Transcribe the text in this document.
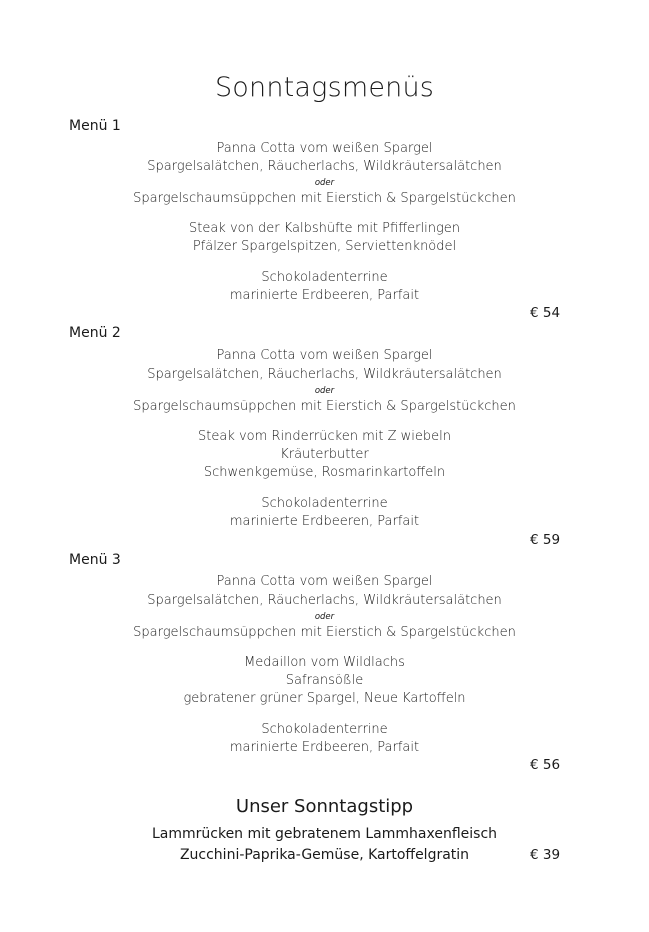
Sonntagsmenüs
Menü 1
Panna Cotta vom weißen Spargel
Spargelsalätchen, Räucherlachs, Wildkräutersalätchen
oder
Spargelschaumsüppchen mit Eierstich & Spargelstückchen
Steak von der Kalbshüfte mit Pfifferlingen
Pfälzer Spargelspitzen, Serviettenknödel
Schokoladenterrine
marinierte Erdbeeren, Parfait
€ 54
Menü 2
Panna Cotta vom weißen Spargel
Spargelsalätchen, Räucherlachs, Wildkräutersalätchen
oder
Spargelschaumsüppchen mit Eierstich & Spargelstückchen
Steak vom Rinderrücken mit Z wiebeln
Kräuterbutter
Schwenkgemüse, Rosmarinkartoffeln
Schokoladenterrine
marinierte Erdbeeren, Parfait
€ 59
Menü 3
Panna Cotta vom weißen Spargel
Spargelsalätchen, Räucherlachs, Wildkräutersalätchen
oder
Spargelschaumsüppchen mit Eierstich & Spargelstückchen
Medaillon vom Wildlachs
Safransößle
gebratener grüner Spargel, Neue Kartoffeln
Schokoladenterrine
marinierte Erdbeeren, Parfait
€ 56
Unser Sonntagstipp
Lammrücken mit gebratenem Lammhaxenfleisch
Zucchini-Paprika-Gemüse, Kartoffelgratin	€ 39
